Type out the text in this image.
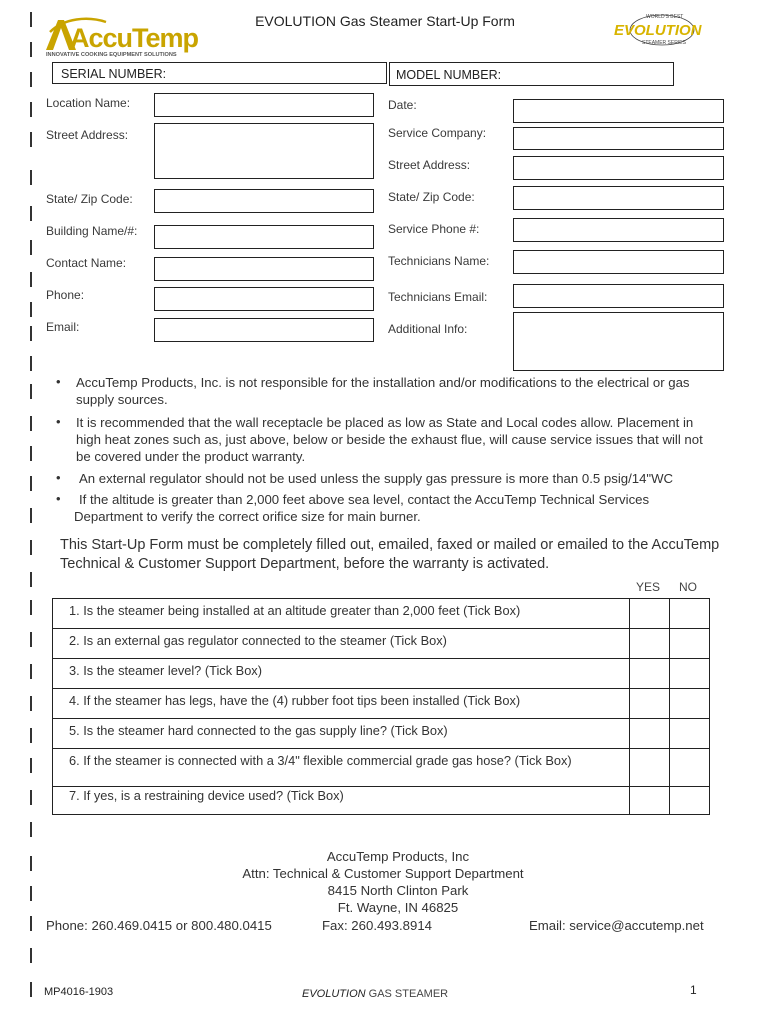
AccuTemp
INNOVATIVE COOKING EQUIPMENT SOLUTIONS
EVOLUTION Gas Steamer Start-Up Form	WORLD'S BEST
EVOLUTION
STEAMER SERIES
SERIAL NUMBER:	MODEL NUMBER:
Location Name:
Street Address:
State/ Zip Code:
Building Name/#:
Contact Name:
Phone:
Email:
Date:
Service Company:
Street Address:
State/ Zip Code:
Service Phone #:
Technicians Name:
Technicians Email:
Additional Info:
• AccuTemp Products, Inc. is not responsible for the installation and/or modifications to the electrical or gas supply sources.
• It is recommended that the wall receptacle be placed as low as State and Local codes allow. Placement in high heat zones such as, just above, below or beside the exhaust flue, will cause service issues that will not be covered under the product warranty.
• An external regulator should not be used unless the supply gas pressure is more than 0.5 psig/14"WC
•	If the altitude is greater than 2,000 feet above sea level, contact the AccuTemp Technical Services Department to verify the correct orifice size for main burner.
This Start-Up Form must be completely filled out, emailed, faxed or mailed or emailed to the AccuTemp Technical & Customer Support Department, before the warranty is activated.
YES NO
1. Is the steamer being installed at an altitude greater than 2,000 feet (Tick Box)		
2. Is an external gas regulator connected to the steamer (Tick Box)		
3. Is the steamer level? (Tick Box)		
4. If the steamer has legs, have the (4) rubber foot tips been installed (Tick Box)		
5. Is the steamer hard connected to the gas supply line? (Tick Box)		
6. If the steamer is connected with a 3/4" flexible commercial grade gas hose? (Tick Box)		
7. If yes, is a restraining device used? (Tick Box)		
AccuTemp Products, Inc
Attn: Technical & Customer Support Department
8415 North Clinton Park
Ft. Wayne, IN 46825
Phone: 260.469.0415 or 800.480.0415	Fax: 260.493.8914	Email: service@accutemp.net
MP4016-1903	EVOLUTION GAS STEAMER	1
